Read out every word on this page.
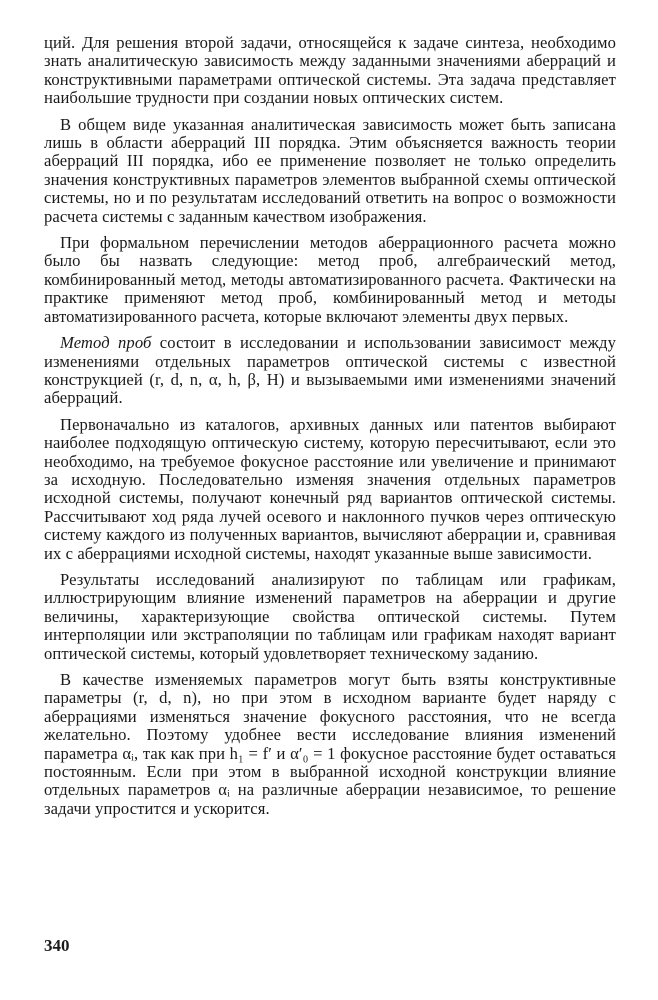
ций. Для решения второй задачи, относящейся к задаче синтеза, необходимо знать аналитическую зависимость между заданными значениями аберраций и конструктивными параметрами оптической системы. Эта задача представляет наибольшие трудности при создании новых оптических систем.

В общем виде указанная аналитическая зависимость может быть записана лишь в области аберраций III порядка. Этим объясняется важность теории аберраций III порядка, ибо ее применение позволяет не только определить значения конструктивных параметров элементов выбранной схемы оптической системы, но и по результатам исследований ответить на вопрос о возможности расчета системы с заданным качеством изображения.

При формальном перечислении методов аберрационного расчета можно было бы назвать следующие: метод проб, алгебраический метод, комбинированный метод, методы автоматизированного расчета. Фактически на практике применяют метод проб, комбинированный метод и методы автоматизированного расчета, которые включают элементы двух первых.

Метод проб состоит в исследовании и использовании зависимост между изменениями отдельных параметров оптической системы с известной конструкцией (r, d, n, α, h, β, H) и вызываемыми ими изменениями значений аберраций.

Первоначально из каталогов, архивных данных или патентов выбирают наиболее подходящую оптическую систему, которую пересчитывают, если это необходимо, на требуемое фокусное расстояние или увеличение и принимают за исходную. Последовательно изменяя значения отдельных параметров исходной системы, получают конечный ряд вариантов оптической системы. Рассчитывают ход ряда лучей осевого и наклонного пучков через оптическую систему каждого из полученных вариантов, вычисляют аберрации и, сравнивая их с аберрациями исходной системы, находят указанные выше зависимости.

Результаты исследований анализируют по таблицам или графикам, иллюстрирующим влияние изменений параметров на аберрации и другие величины, характеризующие свойства оптической системы. Путем интерполяции или экстраполяции по таблицам или графикам находят вариант оптической системы, который удовлетворяет техническому заданию.

В качестве изменяемых параметров могут быть взяты конструктивные параметры (r, d, n), но при этом в исходном варианте будет наряду с аберрациями изменяться значение фокусного расстояния, что не всегда желательно. Поэтому удобнее вести исследование влияния изменений параметра αᵢ, так как при h₁ = f′ и α′₀ = 1 фокусное расстояние будет оставаться постоянным. Если при этом в выбранной исходной конструкции влияние отдельных параметров αᵢ на различные аберрации независимое, то решение задачи упростится и ускорится.

340
